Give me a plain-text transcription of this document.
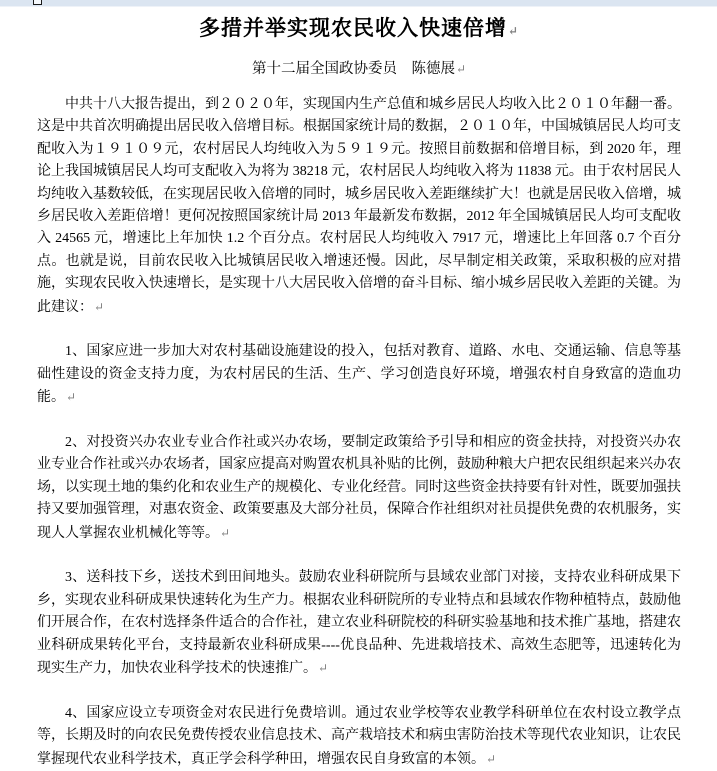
多措并举实现农民收入快速倍增↵
第十二届全国政协委员　陈德展↵

中共十八大报告提出，到２０２０年，实现国内生产总值和城乡居民人均收入比２０１０年翻一番。这是中共首次明确提出居民收入倍增目标。根据国家统计局的数据，２０１０年，中国城镇居民人均可支配收入为１９１０９元，农村居民人均纯收入为５９１９元。按照目前数据和倍增目标，到 2020 年，理论上我国城镇居民人均可支配收入为将为 38218 元，农村居民人均纯收入将为 11838 元。由于农村居民人均纯收入基数较低，在实现居民收入倍增的同时，城乡居民收入差距继续扩大！也就是居民收入倍增，城乡居民收入差距倍增！更何况按照国家统计局 2013 年最新发布数据，2012 年全国城镇居民人均可支配收入 24565 元，增速比上年加快 1.2 个百分点。农村居民人均纯收入 7917 元，增速比上年回落 0.7 个百分点。也就是说，目前农民收入比城镇居民收入增速还慢。因此，尽早制定相关政策，采取积极的应对措施，实现农民收入快速增长，是实现十八大居民收入倍增的奋斗目标、缩小城乡居民收入差距的关键。为此建议：↵

1、国家应进一步加大对农村基础设施建设的投入，包括对教育、道路、水电、交通运输、信息等基础性建设的资金支持力度，为农村居民的生活、生产、学习创造良好环境，增强农村自身致富的造血功能。↵

2、对投资兴办农业专业合作社或兴办农场，要制定政策给予引导和相应的资金扶持，对投资兴办农业专业合作社或兴办农场者，国家应提高对购置农机具补贴的比例，鼓励种粮大户把农民组织起来兴办农场，以实现土地的集约化和农业生产的规模化、专业化经营。同时这些资金扶持要有针对性，既要加强扶持又要加强管理，对惠农资金、政策要惠及大部分社员，保障合作社组织对社员提供免费的农机服务，实现人人掌握农业机械化等等。↵

3、送科技下乡，送技术到田间地头。鼓励农业科研院所与县域农业部门对接，支持农业科研成果下乡，实现农业科研成果快速转化为生产力。根据农业科研院所的专业特点和县域农作物种植特点，鼓励他们开展合作，在农村选择条件适合的合作社，建立农业科研院校的科研实验基地和技术推广基地，搭建农业科研成果转化平台，支持最新农业科研成果----优良品种、先进栽培技术、高效生态肥等，迅速转化为现实生产力，加快农业科学技术的快速推广。↵

4、国家应设立专项资金对农民进行免费培训。通过农业学校等农业教学科研单位在农村设立教学点等，长期及时的向农民免费传授农业信息技术、高产栽培技术和病虫害防治技术等现代农业知识，让农民掌握现代农业科学技术，真正学会科学种田，增强农民自身致富的本领。↵
